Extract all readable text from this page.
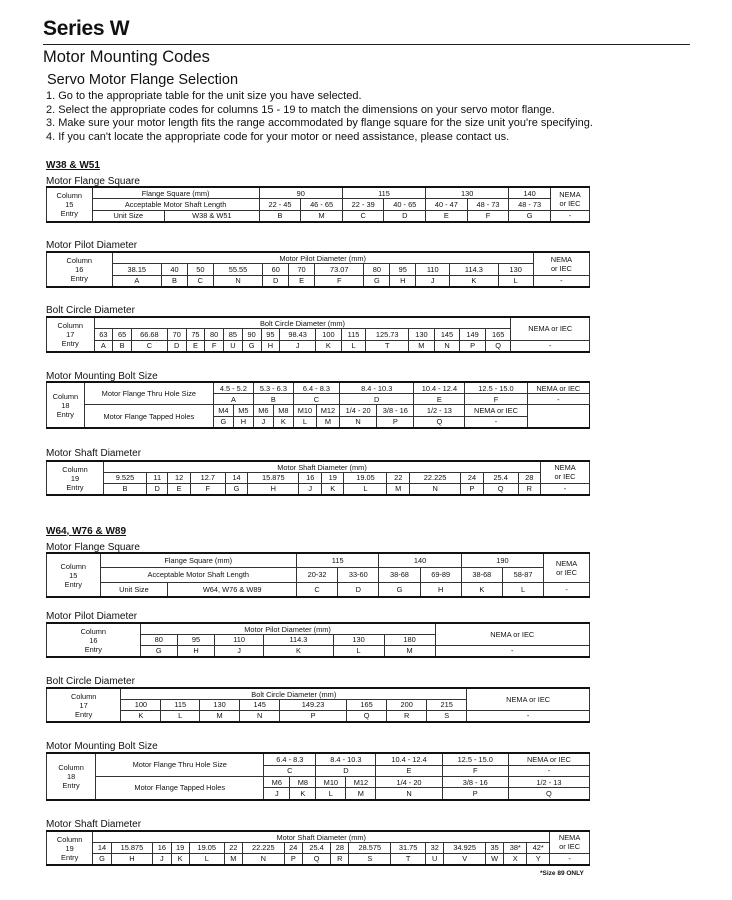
Series W
Motor Mounting Codes
Servo Motor Flange Selection
1. Go to the appropriate table for the unit size you have selected.
2. Select the appropriate codes for columns 15 - 19 to match the dimensions on your servo motor flange.
3. Make sure your motor length fits the range accommodated by flange square for the size unit you're specifying.
4. If you can't locate the appropriate code for your motor or need assistance, please contact us.
W38 & W51
Motor Flange Square
Column
15
Entry	Flange Square (mm)		90		115		130		140	NEMA
or IEC
	Acceptable Motor Shaft Length		22 - 45	46 - 65	22 - 39	40 - 65	40 - 47	48 - 73	48 - 73	
	Unit Size	W38 & W51	B	M	C	D	E	F	G	-
Motor Pilot Diameter
Column
16
Entry	Motor Pilot Diameter (mm)												NEMA
or IEC
	38.15	40	50	55.55	60	70	73.07	80	95	110	114.3	130	
	A	B	C	N	D	E	F	G	H	J	K	L	-
Bolt Circle Diameter
Column
17
Entry	Bolt Circle Diameter (mm)																	NEMA or IEC
	63	65	66.68	70	75	80	85	90	95	98.43	100	115	125.73	130	145	149	165	
	A	B	C	D	E	F	U	G	H	J	K	L	T	M	N	P	Q	-
Motor Mounting Bolt Size
Column
18
Entry	Motor Flange Thru Hole Size	4.5 - 5.2		5.3 - 6.3		6.4 - 8.3		8.4 - 10.3		10.4 - 12.4	12.5 - 15.0	NEMA or IEC
		A		B		C		D		E	F	-
	Motor Flange Tapped Holes	M4	M5	M6	M8	M10	M12	1/4 - 20	3/8 - 16	1/2 - 13	NEMA or IEC	
		G	H	J	K	L	M	N	P	Q	-	
Motor Shaft Diameter
Column
19
Entry	Motor Shaft Diameter (mm)														NEMA
or IEC
	9.525	11	12	12.7	14	15.875	16	19	19.05	22	22.225	24	25.4	28	
	B	D	E	F	G	H	J	K	L	M	N	P	Q	R	-
W64, W76 & W89
Motor Flange Square
Column
15
Entry	Flange Square (mm)		115		140		190		NEMA
or IEC
	Acceptable Motor Shaft Length		20-32	33-60	38-68	69-89	38-68	58-87	
	Unit Size	W64, W76 & W89	C	D	G	H	K	L	-
Motor Pilot Diameter
Column
16
Entry	Motor Pilot Diameter (mm)						NEMA or IEC
	80	95	110	114.3	130	180	
	G	H	J	K	L	M	-
Bolt Circle Diameter
Column
17
Entry	Bolt Circle Diameter (mm)								NEMA or IEC
	100	115	130	145	149.23	165	200	215	
	K	L	M	N	P	Q	R	S	-
Motor Mounting Bolt Size
Column
18
Entry	Motor Flange Thru Hole Size	6.4 - 8.3		8.4 - 10.3		10.4 - 12.4	12.5 - 15.0	NEMA or IEC
		C		D		E	F	-
	Motor Flange Tapped Holes	M6	M8	M10	M12	1/4 - 20	3/8 - 16	1/2 - 13
		J	K	L	M	N	P	Q
Motor Shaft Diameter
Column
19
Entry	Motor Shaft Diameter (mm)																	NEMA
or IEC
	14	15.875	16	19	19.05	22	22.225	24	25.4	28	28.575	31.75	32	34.925	35	38*	42*	
	G	H	J	K	L	M	N	P	Q	R	S	T	U	V	W	X	Y	-
*Size 89 ONLY
